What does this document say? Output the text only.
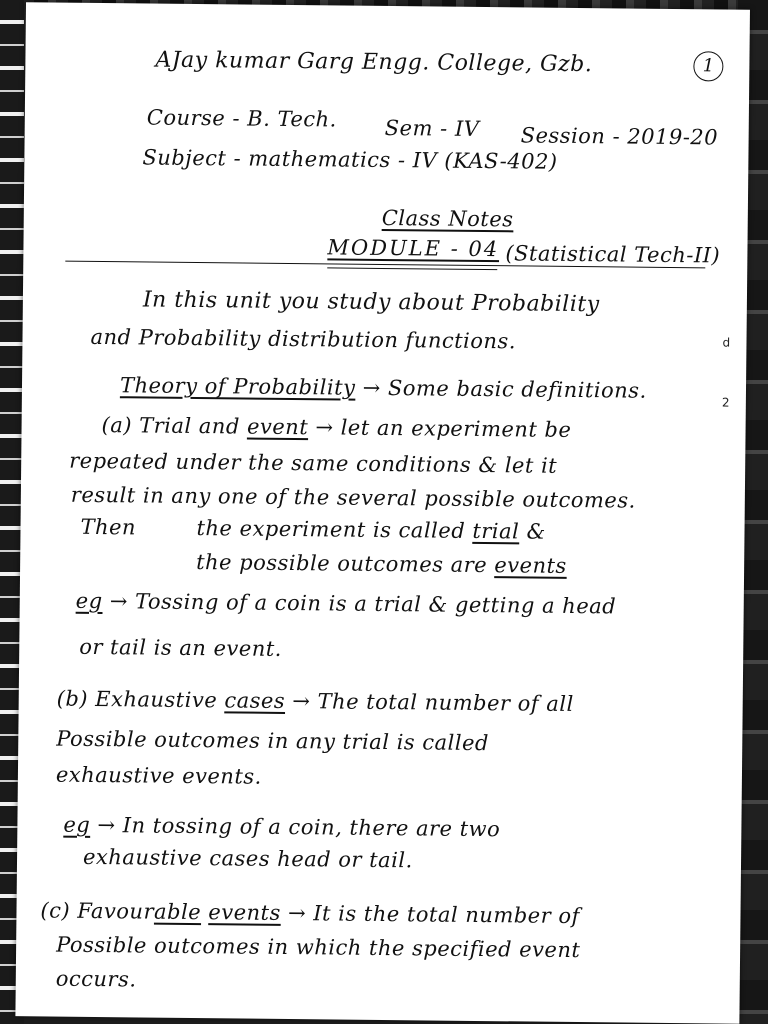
AJay kumar Garg Engg. College, Gzb.	1
Course - B. Tech. Sem - IV Session - 2019-20
Subject - mathematics - IV (KAS-402)
Class Notes
MODULE - 04 (Statistical Tech-II)
In this unit you study about Probability
and Probability distribution functions.
Theory of Probability → Some basic definitions.
(a) Trial and event → let an experiment be
repeated under the same conditions & let it
result in any one of the several possible outcomes.
Then	the experiment is called trial &
the possible outcomes are events
eg → Tossing of a coin is a trial & getting a head
or tail is an event.
(b) Exhaustive cases → The total number of all
Possible outcomes in any trial is called
exhaustive events.
eg → In tossing of a coin, there are two
exhaustive cases head or tail.
(c) Favourable events → It is the total number of
Possible outcomes in which the specified event
occurs.
d
2
